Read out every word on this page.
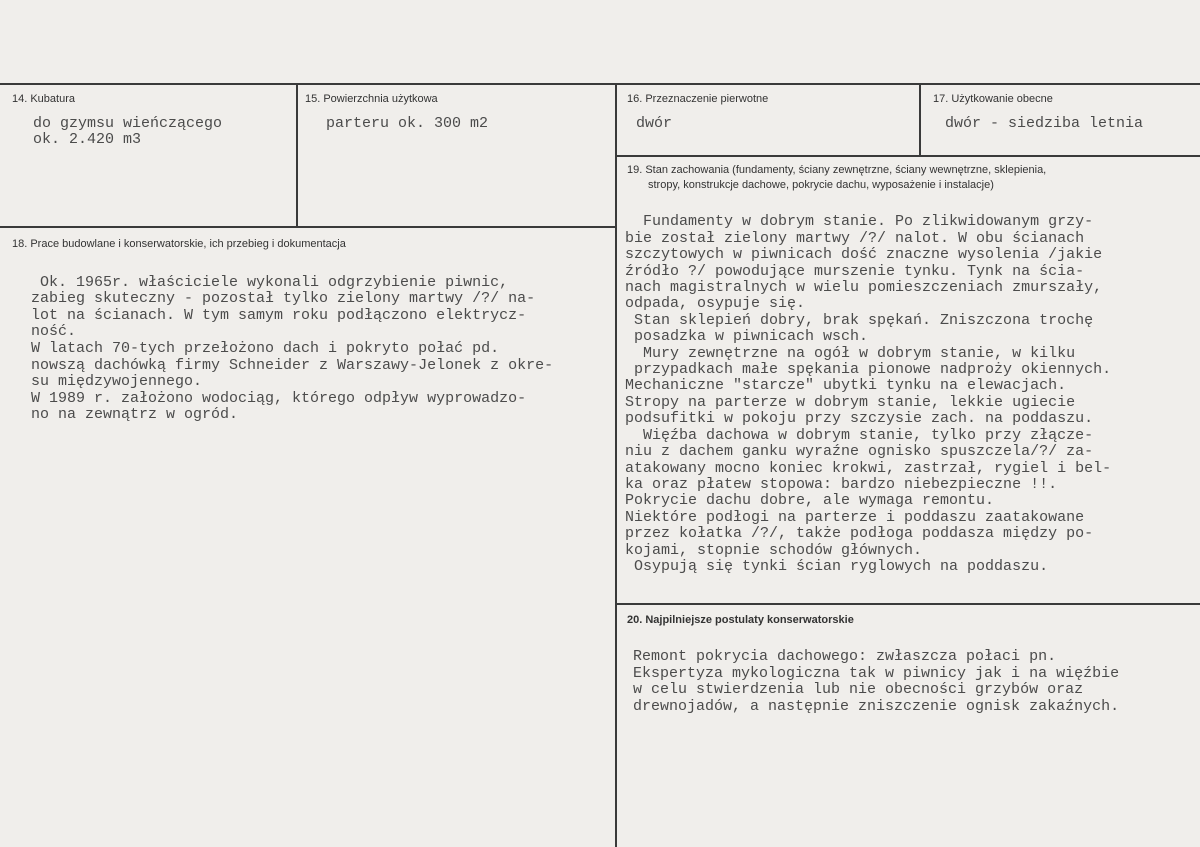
14. Kubatura
do gzymsu wieńczącego
ok. 2.420 m3
15. Powierzchnia użytkowa
parteru ok. 300 m2
16. Przeznaczenie pierwotne
dwór
17. Użytkowanie obecne
dwór - siedziba letnia
18. Prace budowlane i konserwatorskie, ich przebieg i dokumentacja

Ok. 1965r. właściciele wykonali odgrzybienie piwnic,
zabieg skuteczny - pozostał tylko zielony martwy /?/ na-
lot na ścianach. W tym samym roku podłączono elektrycz-
ność.
W latach 70-tych przełożono dach i pokryto połać pd.
nowszą dachówką firmy Schneider z Warszawy-Jelonek z okre-
su międzywojennego.
W 1989 r. założono wodociąg, którego odpływ wyprowadzo-
no na zewnątrz w ogród.

19. Stan zachowania (fundamenty, ściany zewnętrzne, ściany wewnętrzne, sklepienia,
stropy, konstrukcje dachowe, pokrycie dachu, wyposażenie i instalacje)

Fundamenty w dobrym stanie. Po zlikwidowanym grzy-
bie został zielony martwy /?/ nalot. W obu ścianach
szczytowych w piwnicach dość znaczne wysolenia /jakie
źródło ?/ powodujące murszenie tynku. Tynk na ścia-
nach magistralnych w wielu pomieszczeniach zmurszały,
odpada, osypuje się.
Stan sklepień dobry, brak spękań. Zniszczona trochę
posadzka w piwnicach wsch.
Mury zewnętrzne na ogół w dobrym stanie, w kilku
przypadkach małe spękania pionowe nadproży okiennych.
Mechaniczne "starcze" ubytki tynku na elewacjach.
Stropy na parterze w dobrym stanie, lekkie ugiecie
podsufitki w pokoju przy szczysie zach. na poddaszu.
Więźba dachowa w dobrym stanie, tylko przy złącze-
niu z dachem ganku wyraźne ognisko spuszczela/?/ za-
atakowany mocno koniec krokwi, zastrzał, rygiel i bel-
ka oraz płatew stopowa: bardzo niebezpieczne !!.
Pokrycie dachu dobre, ale wymaga remontu.
Niektóre podłogi na parterze i poddaszu zaatakowane
przez kołatka /?/, także podłoga poddasza między po-
kojami, stopnie schodów głównych.
Osypują się tynki ścian ryglowych na poddaszu.

20. Najpilniejsze postulaty konserwatorskie

Remont pokrycia dachowego: zwłaszcza połaci pn.
Ekspertyza mykologiczna tak w piwnicy jak i na więźbie
w celu stwierdzenia lub nie obecności grzybów oraz
drewnojadów, a następnie zniszczenie ognisk zakaźnych.
